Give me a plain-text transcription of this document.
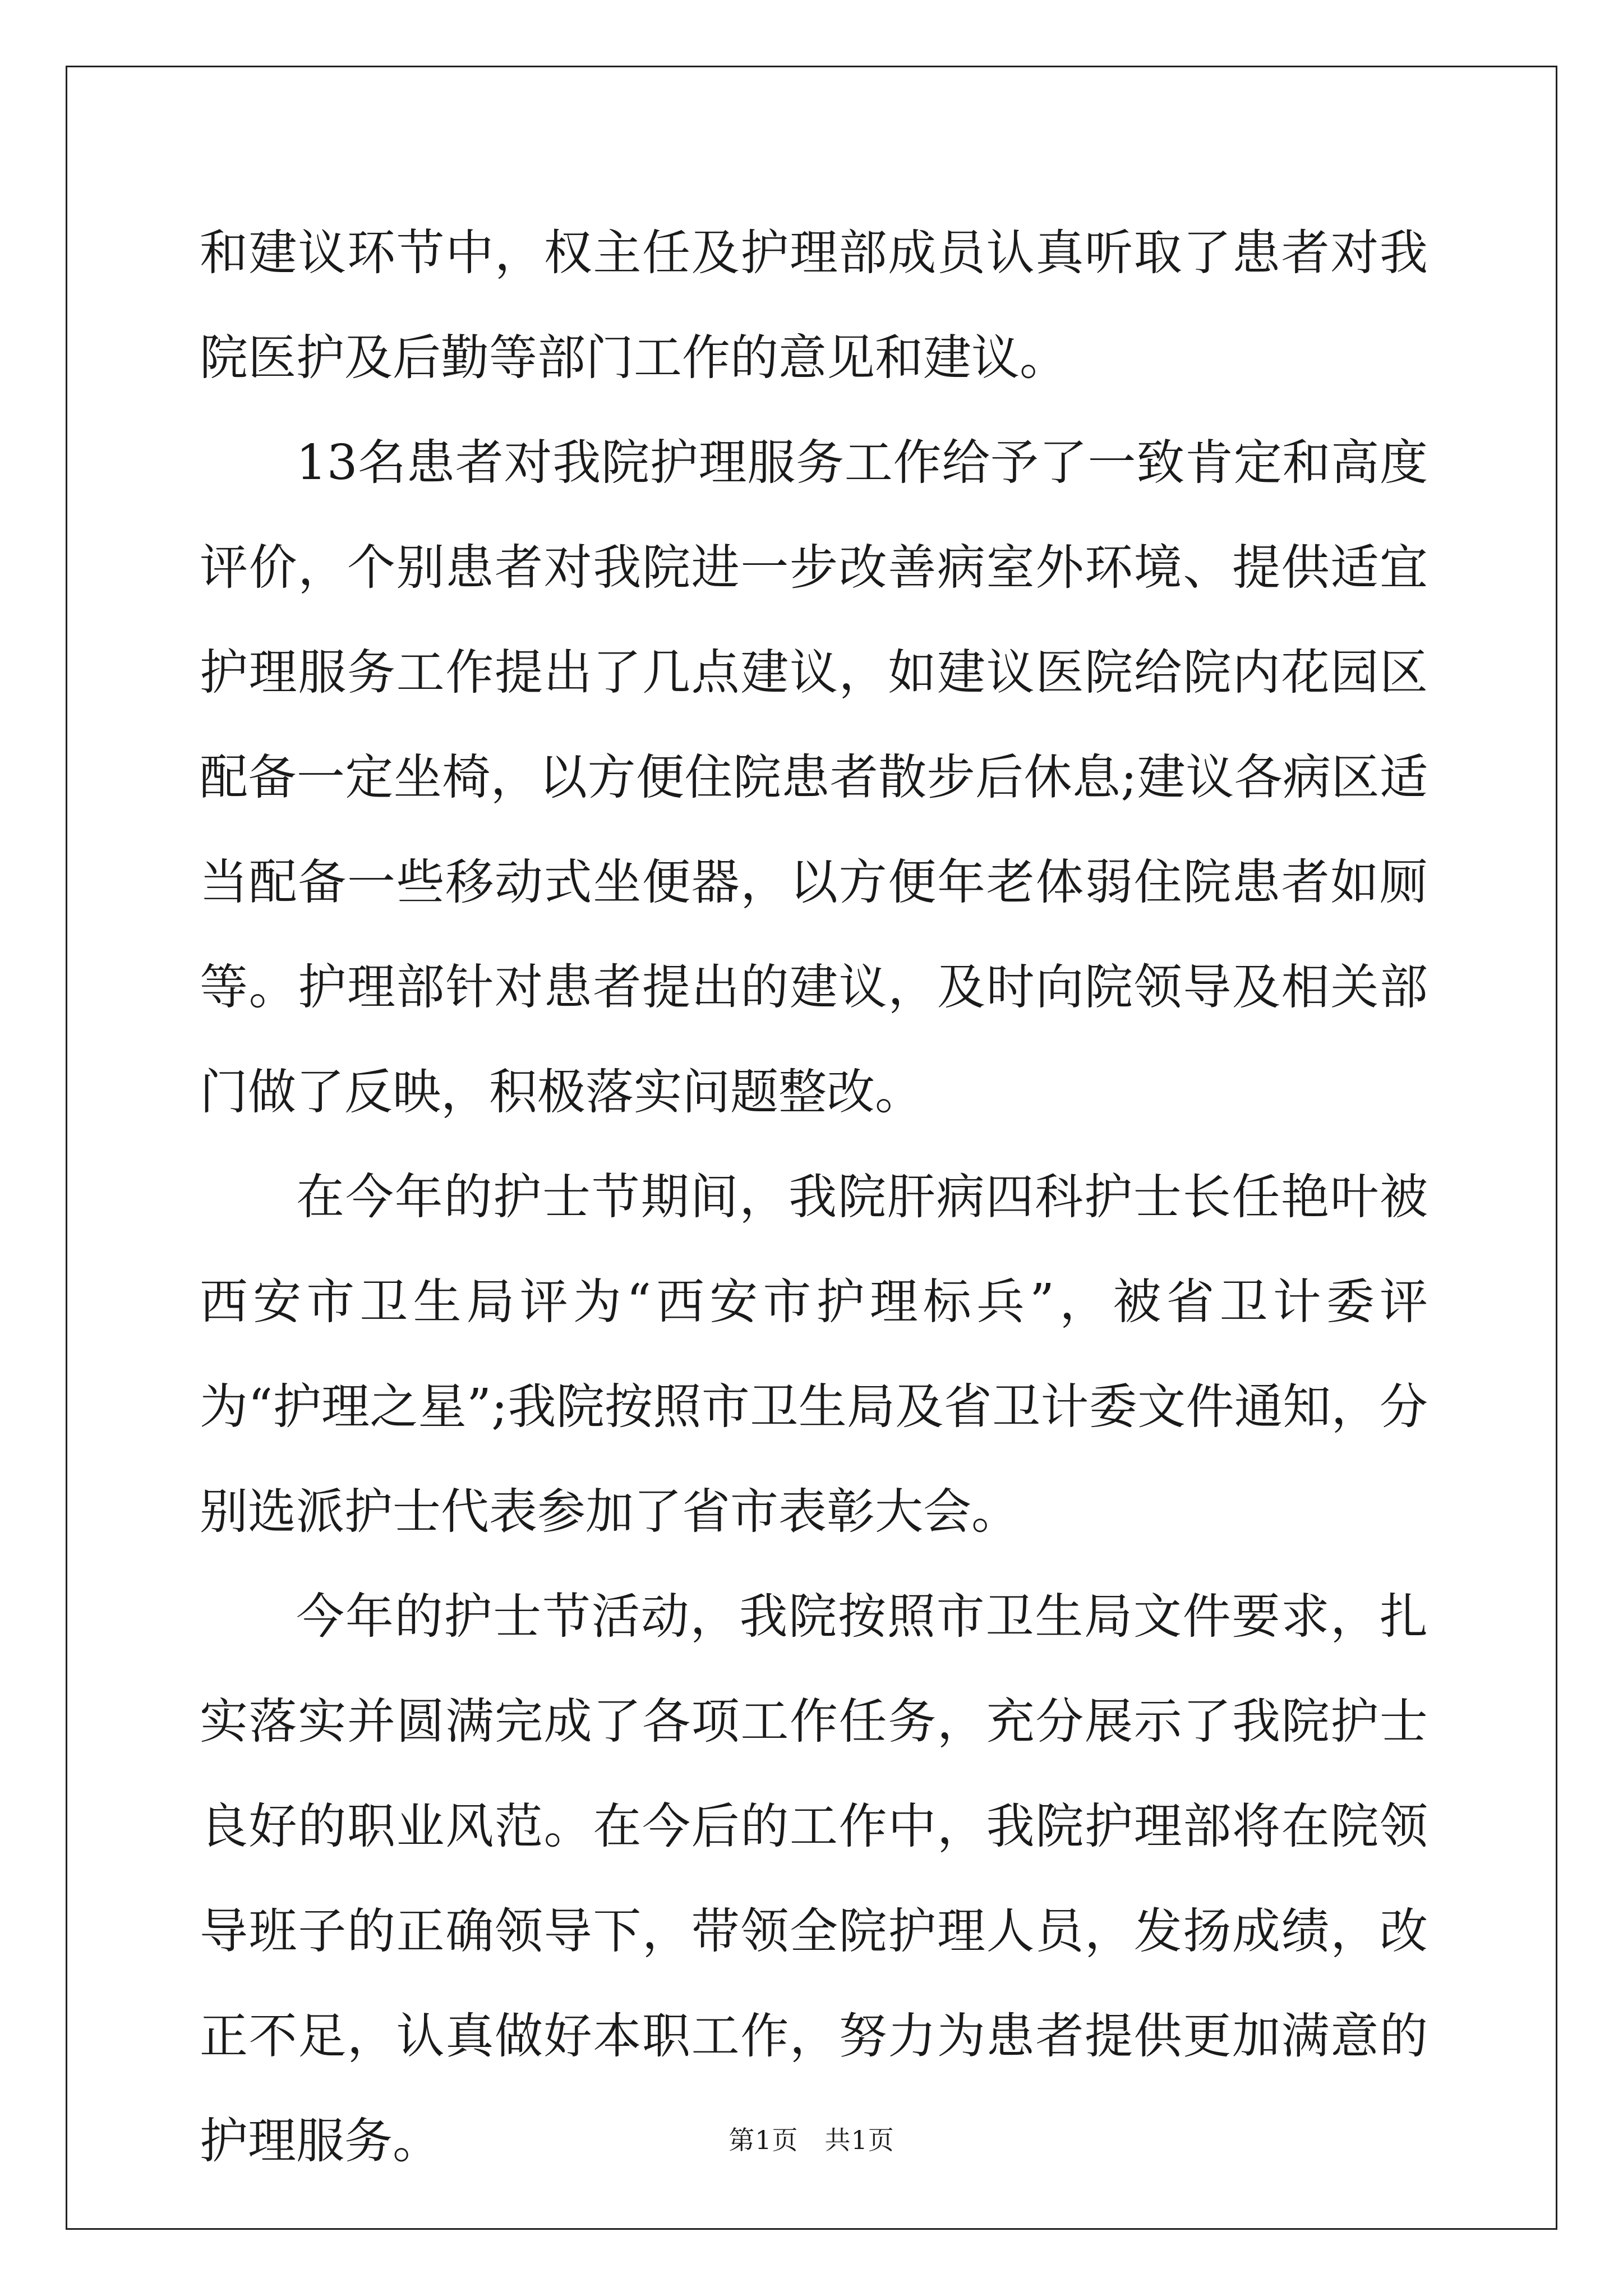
和建议环节中，权主任及护理部成员认真听取了患者对我院医护及后勤等部门工作的意见和建议。

13名患者对我院护理服务工作给予了一致肯定和高度评价，个别患者对我院进一步改善病室外环境、提供适宜护理服务工作提出了几点建议，如建议医院给院内花园区配备一定坐椅，以方便住院患者散步后休息;建议各病区适当配备一些移动式坐便器，以方便年老体弱住院患者如厕等。护理部针对患者提出的建议，及时向院领导及相关部门做了反映，积极落实问题整改。

在今年的护士节期间，我院肝病四科护士长任艳叶被西安市卫生局评为“西安市护理标兵”，被省卫计委评为“护理之星”;我院按照市卫生局及省卫计委文件通知，分别选派护士代表参加了省市表彰大会。

今年的护士节活动，我院按照市卫生局文件要求，扎实落实并圆满完成了各项工作任务，充分展示了我院护士良好的职业风范。在今后的工作中，我院护理部将在院领导班子的正确领导下，带领全院护理人员，发扬成绩，改正不足，认真做好本职工作，努力为患者提供更加满意的护理服务。	第1页　共1页
